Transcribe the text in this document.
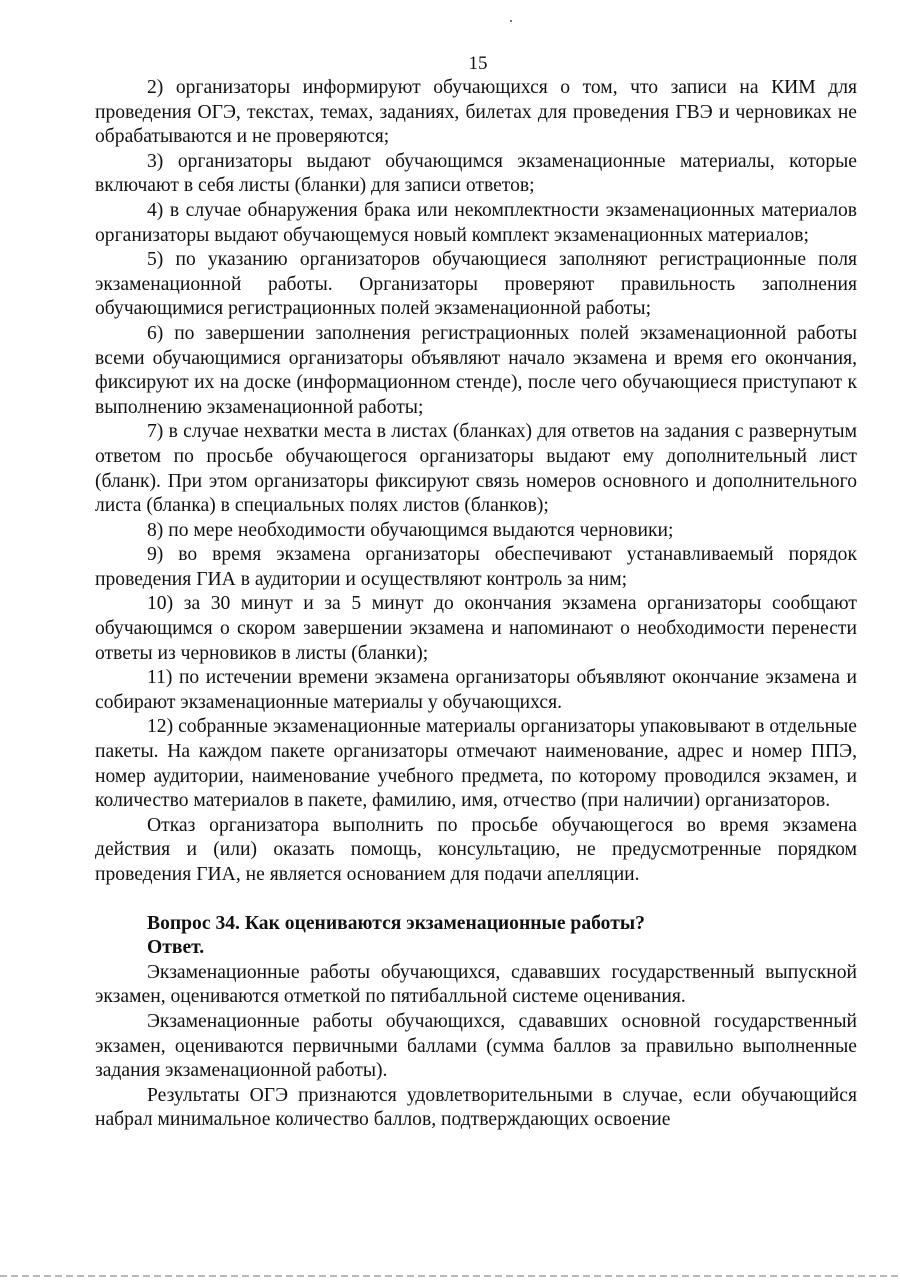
15

2) организаторы информируют обучающихся о том, что записи на КИМ для проведения ОГЭ, текстах, темах, заданиях, билетах для проведения ГВЭ и черновиках не обрабатываются и не проверяются;

3) организаторы выдают обучающимся экзаменационные материалы, которые включают в себя листы (бланки) для записи ответов;

4) в случае обнаружения брака или некомплектности экзаменационных материалов организаторы выдают обучающемуся новый комплект экзаменационных материалов;

5) по указанию организаторов обучающиеся заполняют регистрационные поля экзаменационной работы. Организаторы проверяют правильность заполнения обучающимися регистрационных полей экзаменационной работы;

6) по завершении заполнения регистрационных полей экзаменационной работы всеми обучающимися организаторы объявляют начало экзамена и время его окончания, фиксируют их на доске (информационном стенде), после чего обучающиеся приступают к выполнению экзаменационной работы;

7) в случае нехватки места в листах (бланках) для ответов на задания с развернутым ответом по просьбе обучающегося организаторы выдают ему дополнительный лист (бланк). При этом организаторы фиксируют связь номеров основного и дополнительного листа (бланка) в специальных полях листов (бланков);

8) по мере необходимости обучающимся выдаются черновики;

9) во время экзамена организаторы обеспечивают устанавливаемый порядок проведения ГИА в аудитории и осуществляют контроль за ним;

10) за 30 минут и за 5 минут до окончания экзамена организаторы сообщают обучающимся о скором завершении экзамена и напоминают о необходимости перенести ответы из черновиков в листы (бланки);

11) по истечении времени экзамена организаторы объявляют окончание экзамена и собирают экзаменационные материалы у обучающихся.

12) собранные экзаменационные материалы организаторы упаковывают в отдельные пакеты. На каждом пакете организаторы отмечают наименование, адрес и номер ППЭ, номер аудитории, наименование учебного предмета, по которому проводился экзамен, и количество материалов в пакете, фамилию, имя, отчество (при наличии) организаторов.

Отказ организатора выполнить по просьбе обучающегося во время экзамена действия и (или) оказать помощь, консультацию, не предусмотренные порядком проведения ГИА, не является основанием для подачи апелляции.

Вопрос 34. Как оцениваются экзаменационные работы?

Ответ.

Экзаменационные работы обучающихся, сдававших государственный выпускной экзамен, оцениваются отметкой по пятибалльной системе оценивания.

Экзаменационные работы обучающихся, сдававших основной государственный экзамен, оцениваются первичными баллами (сумма баллов за правильно выполненные задания экзаменационной работы).

Результаты ОГЭ признаются удовлетворительными в случае, если обучающийся набрал минимальное количество баллов, подтверждающих освоение
